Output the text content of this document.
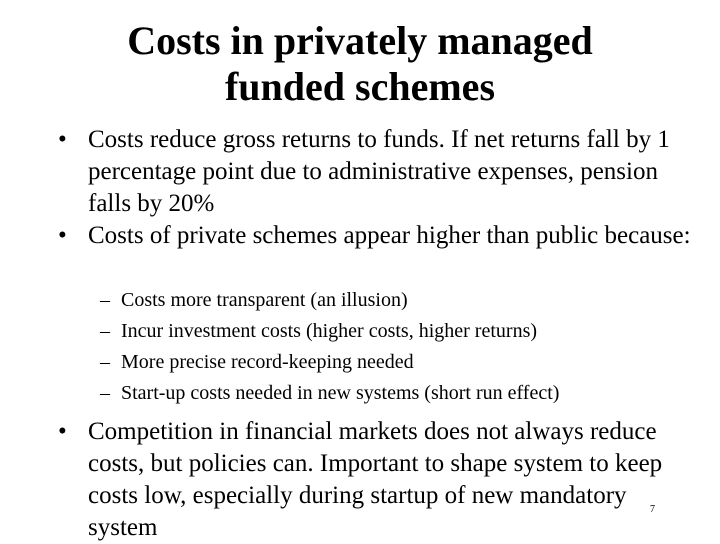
Costs in privately managed
funded schemes
• Costs reduce gross returns to funds. If net returns fall by 1 percentage point due to administrative expenses, pension falls by 20%
• Costs of private schemes appear higher than public because:
– Costs more transparent (an illusion)
– Incur investment costs (higher costs, higher returns)
– More precise record-keeping needed
– Start-up costs needed in new systems (short run effect)
• Competition in financial markets does not always reduce costs, but policies can. Important to shape system to keep costs low, especially during startup of new mandatory system
7
